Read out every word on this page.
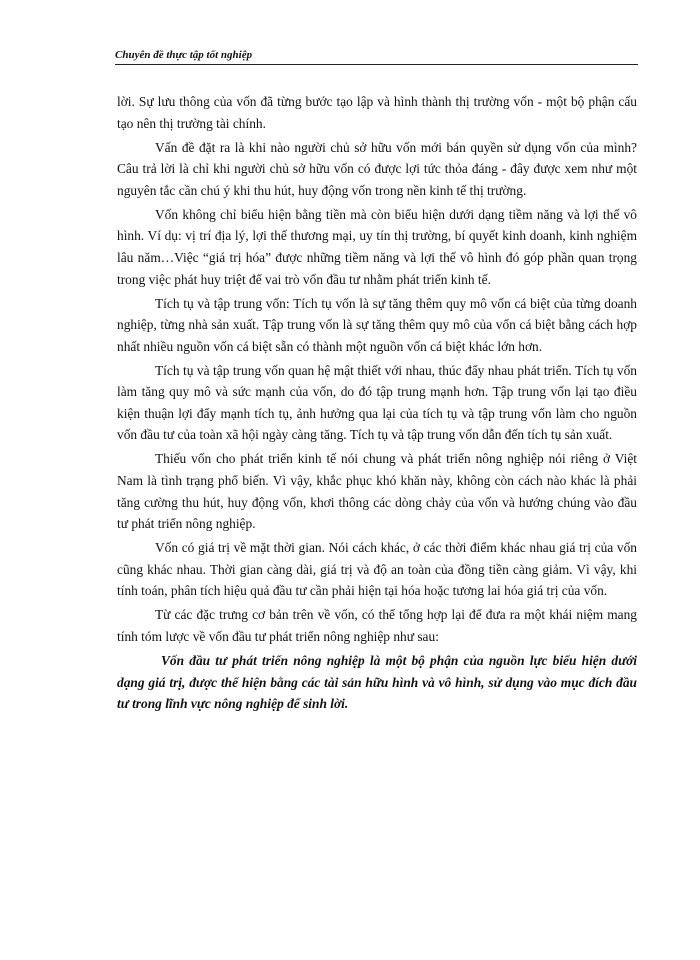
Chuyên đề thực tập tốt nghiệp

lời. Sự lưu thông của vốn đã từng bước tạo lập và hình thành thị trường vốn - một bộ phận cấu tạo nên thị trường tài chính.

Vấn đề đặt ra là khi nào người chủ sở hữu vốn mới bán quyền sử dụng vốn của mình? Câu trả lời là chỉ khi người chủ sở hữu vốn có được lợi tức thỏa đáng - đây được xem như một nguyên tắc cần chú ý khi thu hút, huy động vốn trong nền kinh tế thị trường.

Vốn không chỉ biểu hiện bằng tiền mà còn biểu hiện dưới dạng tiềm năng và lợi thế vô hình. Ví dụ: vị trí địa lý, lợi thế thương mại, uy tín thị trường, bí quyết kinh doanh, kinh nghiệm lâu năm…Việc “giá trị hóa” được những tiềm năng và lợi thế vô hình đó góp phần quan trọng trong việc phát huy triệt để vai trò vốn đầu tư nhằm phát triển kinh tế.

Tích tụ và tập trung vốn: Tích tụ vốn là sự tăng thêm quy mô vốn cá biệt của từng doanh nghiệp, từng nhà sản xuất. Tập trung vốn là sự tăng thêm quy mô của vốn cá biệt bằng cách hợp nhất nhiều nguồn vốn cá biệt sẵn có thành một nguồn vốn cá biệt khác lớn hơn.

Tích tụ và tập trung vốn quan hệ mật thiết với nhau, thúc đẩy nhau phát triển. Tích tụ vốn làm tăng quy mô và sức mạnh của vốn, do đó tập trung mạnh hơn. Tập trung vốn lại tạo điều kiện thuận lợi đẩy mạnh tích tụ, ảnh hưởng qua lại của tích tụ và tập trung vốn làm cho nguồn vốn đầu tư của toàn xã hội ngày càng tăng. Tích tụ và tập trung vốn dẫn đến tích tụ sản xuất.

Thiếu vốn cho phát triển kinh tế nói chung và phát triển nông nghiệp nói riêng ở Việt Nam là tình trạng phổ biến. Vì vậy, khắc phục khó khăn này, không còn cách nào khác là phải tăng cường thu hút, huy động vốn, khơi thông các dòng chảy của vốn và hướng chúng vào đầu tư phát triển nông nghiệp.

Vốn có giá trị về mặt thời gian. Nói cách khác, ở các thời điểm khác nhau giá trị của vốn cũng khác nhau. Thời gian càng dài, giá trị và độ an toàn của đồng tiền càng giảm. Vì vậy, khi tính toán, phân tích hiệu quả đầu tư cần phải hiện tại hóa hoặc tương lai hóa giá trị của vốn.

Từ các đặc trưng cơ bản trên về vốn, có thể tổng hợp lại để đưa ra một khái niệm mang tính tóm lược về vốn đầu tư phát triển nông nghiệp như sau:

Vốn đầu tư phát triển nông nghiệp là một bộ phận của nguồn lực biểu hiện dưới dạng giá trị, được thể hiện bằng các tài sản hữu hình và vô hình, sử dụng vào mục đích đầu tư trong lĩnh vực nông nghiệp để sinh lời.
